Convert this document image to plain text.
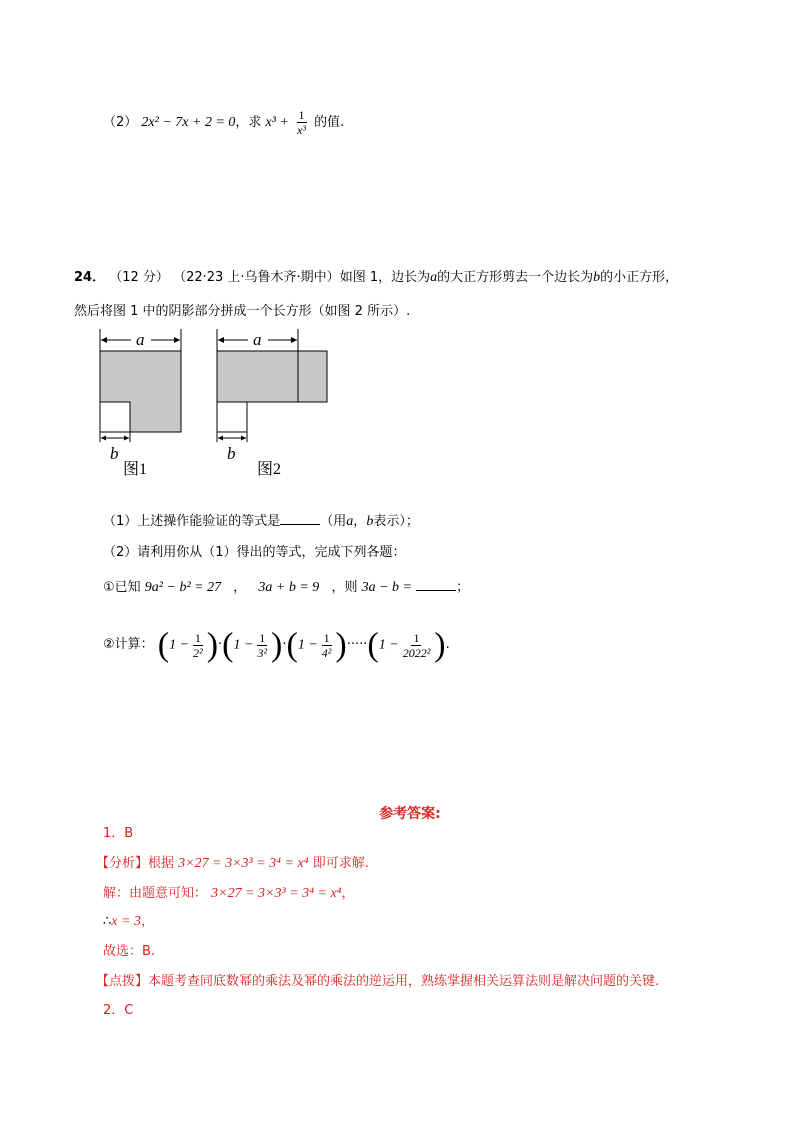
（2） 2x² − 7x + 2 = 0，求 $x^3 + \frac{1}{\text{x³}}$ 的值.
24． （12 分） （22·23 上·乌鲁木齐·期中）如图 1，边长为a的大正方形剪去一个边长为b的小正方形，
然后将图 1 中的阴影部分拼成一个长方形（如图 2 所示）.
a
b
图1
a
b
图2
（1）上述操作能验证的等式是	（用a，b表示）；
（2）请利用你从（1）得出的等式，完成下列各题：
①已知 9a² − b² = 27 ， 3a + b = 9 ，则 3a − b =	；
②计算： $(1 - \frac{1}{\text{2²}} )\cdot(1 - \frac{1}{\text{3²}} )\cdot(1 - \frac{1}{\text{4²}} )\cdot\cdot\cdot\cdot\cdot(1 - \frac{1}{\text{2022²}}$ ).
参考答案:
1．B
【分析】根据 3×27 = 3×3³ = 3⁴ = x⁴ 即可求解.
解：由题意可知： 3×27 = 3×3³ = 3⁴ = x⁴，
∴x = 3，
故选：B.
【点拨】本题考查同底数幂的乘法及幂的乘法的逆运用，熟练掌握相关运算法则是解决问题的关键.
2．C
